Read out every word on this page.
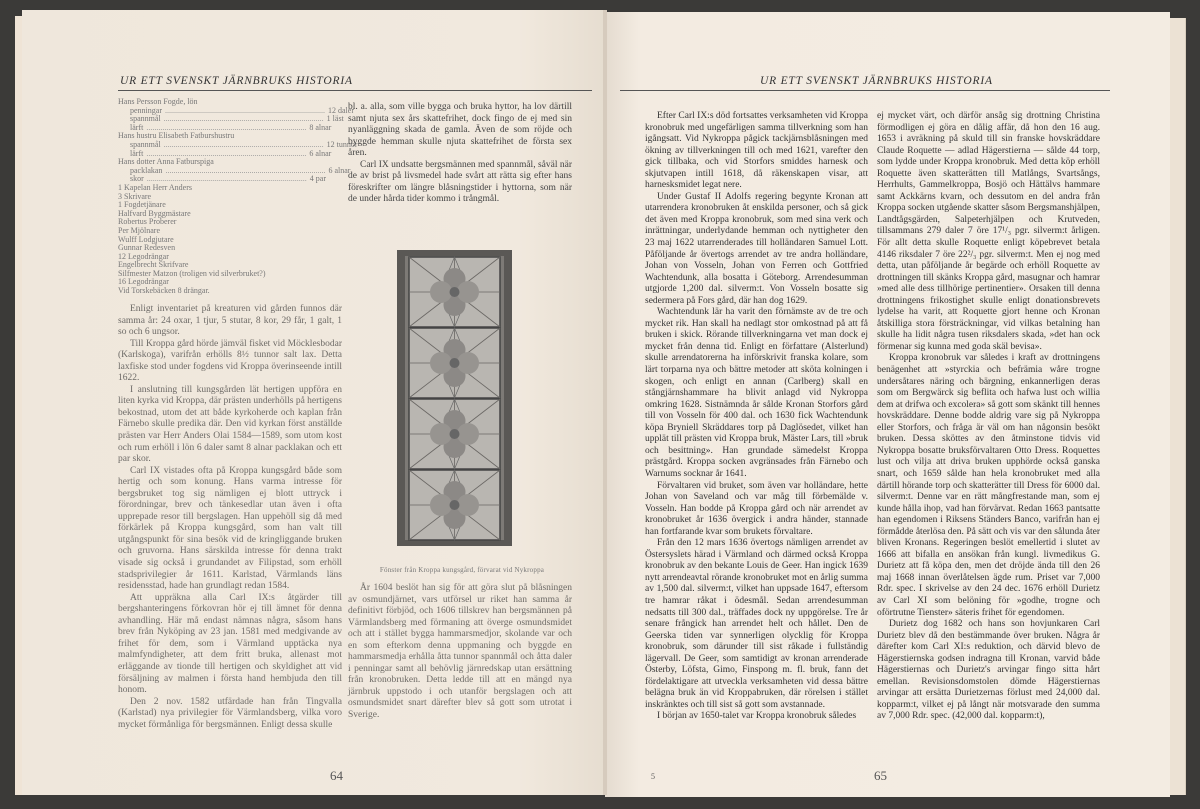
UR ETT SVENSKT JÄRNBRUKS HISTORIA	UR ETT SVENSKT JÄRNBRUKS HISTORIA
Hans Persson Fogde, lön
penningar ................................................................................ 12 daler
spannmål ................................................................................ 1 läst
lärft ................................................................................ 8 alnar
Hans hustru Elisabeth Fatburshustru
spannmål ................................................................................ 12 tunnor
lärft ................................................................................ 6 alnar
Hans dotter Anna Fatburspiga
packlakan ................................................................................ 6 alnar
skor ................................................................................ 4 par
1 Kapelan Herr Anders
3 Skrivare
1 Fogdetjänare
Halfvard Byggmästare
Robertus Proberer
Per Mjölnare
Wulff Lodgjutare
Gunnar Redesven
12 Legodrängar
Engelbrecht Skrifvare
Silfmester Matzon (troligen vid silverbruket?)
16 Legodrängar
Vid Torskebäcken 8 drängar.

Enligt inventariet på kreaturen vid gården funnos där samma år: 24 oxar, 1 tjur, 5 stutar, 8 kor, 29 får, 1 galt, 1 so och 6 ungsor.

Till Kroppa gård hörde jämväl fisket vid Möcklesbodar (Karlskoga), varifrån erhölls 8½ tunnor salt lax. Detta laxfiske stod under fogdens vid Kroppa överinseende intill 1622.

I anslutning till kungsgården lät hertigen uppföra en liten kyrka vid Kroppa, där prästen underhölls på hertigens bekostnad, utom det att både kyrkoherde och kaplan från Färnebo skulle predika där. Den vid kyrkan först anställde prästen var Herr Anders Olai 1584—1589, som utom kost och rum erhöll i lön 6 daler samt 8 alnar packlakan och ett par skor.

Carl IX vistades ofta på Kroppa kungsgård både som hertig och som konung. Hans varma intresse för bergsbruket tog sig nämligen ej blott uttryck i förordningar, brev och tänkesedlar utan även i ofta upprepade resor till bergslagen. Han uppehöll sig då med förkärlek på Kroppa kungsgård, som han valt till utgångspunkt för sina besök vid de kringliggande bruken och gruvorna. Hans särskilda intresse för denna trakt visade sig också i grundandet av Filipstad, som erhöll stadsprivilegier år 1611. Karlstad, Värmlands läns residensstad, hade han grundlagt redan 1584.

Att uppräkna alla Carl IX:s åtgärder till bergshanteringens förkovran hör ej till ämnet för denna avhandling. Här må endast nämnas några, såsom hans brev från Nyköping av 23 jan. 1581 med medgivande av frihet för dem, som i Värmland upptäcka nya malmfyndigheter, att dem fritt bruka, allenast mot erläggande av tionde till hertigen och skyldighet att vid försäljning av malmen i första hand hembjuda den till honom.

Den 2 nov. 1582 utfärdade han från Tingvalla (Karlstad) nya privilegier för Värmlandsberg, vilka voro mycket förmånliga för bergsmännen. Enligt dessa skulle

bl. a. alla, som ville bygga och bruka hyttor, ha lov därtill samt njuta sex års skattefrihet, dock fingo de ej med sin nyanläggning skada de gamla. Även de som röjde och byggde hemman skulle njuta skattefrihet de första sex åren.

Carl IX undsatte bergsmännen med spannmål, såväl när de av brist på livsmedel hade svårt att rätta sig efter hans föreskrifter om längre blåsningstider i hyttorna, som när de under hårda tider kommo i trångmål.

Fönster från Kroppa kungsgård, förvarat vid Nykroppa

År 1604 beslöt han sig för att göra slut på blåsningen av osmundjärnet, vars utförsel ur riket han samma år definitivt förbjöd, och 1606 tillskrev han bergsmännen på Värmlandsberg med förmaning att överge osmundsmidet och att i stället bygga hammarsmedjor, skolande var och en som efterkom denna uppmaning och byggde en hammarsmedja erhålla åtta tunnor spannmål och åtta daler i penningar samt all behövlig järnredskap utan ersättning från kronobruken. Detta ledde till att en mängd nya järnbruk uppstodo i och utanför bergslagen och att osmundsmidet snart därefter blev så gott som utrotat i Sverige.

64

Efter Carl IX:s död fortsattes verksamheten vid Kroppa kronobruk med ungefärligen samma tillverkning som han igångsatt. Vid Nykroppa pågick tackjärnsblåsningen med ökning av tillverkningen till och med 1621, varefter den gick tillbaka, och vid Storfors smiddes harnesk och skjutvapen intill 1618, då räkenskapen visar, att harnesksmidet legat nere.

Under Gustaf II Adolfs regering begynte Kronan att utarrendera kronobruken åt enskilda personer, och så gick det även med Kroppa kronobruk, som med sina verk och inrättningar, underlydande hemman och nyttigheter den 23 maj 1622 utarrenderades till holländaren Samuel Lott. Påföljande år övertogs arrendet av tre andra holländare, Johan von Vosseln, Johan von Ferren och Gottfried Wachtendunk, alla bosatta i Göteborg. Arrendesumman utgjorde 1,200 dal. silverm:t. Von Vosseln bosatte sig sedermera på Fors gård, där han dog 1629.

Wachtendunk lär ha varit den förnämste av de tre och mycket rik. Han skall ha nedlagt stor omkostnad på att få bruken i skick. Rörande tillverkningarna vet man dock ej mycket från denna tid. Enligt en författare (Alsterlund) skulle arrendatorerna ha införskrivit franska kolare, som lärt torparna nya och bättre metoder att sköta kolningen i skogen, och enligt en annan (Carlberg) skall en stångjärnshammare ha blivit anlagd vid Nykroppa omkring 1628. Sistnämnda år sålde Kronan Storfors gård till von Vosseln för 400 dal. och 1630 fick Wachtendunk köpa Bryniell Skräddares torp på Daglösedet, vilket han upplät till prästen vid Kroppa bruk, Mäster Lars, till »bruk och besittning». Han grundade sämedelst Kroppa prästgård. Kroppa socken avgränsades från Färnebo och Warnums socknar år 1641.

Förvaltaren vid bruket, som även var holländare, hette Johan von Saveland och var måg till förbemälde v. Vosseln. Han bodde på Kroppa gård och när arrendet av kronobruket år 1636 övergick i andra händer, stannade han fortfarande kvar som brukets förvaltare.

Från den 12 mars 1636 övertogs nämligen arrendet av Östersyslets härad i Värmland och därmed också Kroppa kronobruk av den bekante Louis de Geer. Han ingick 1639 nytt arrendeavtal rörande kronobruket mot en årlig summa av 1,500 dal. silverm:t, vilket han uppsade 1647, eftersom tre hamrar råkat i ödesmål. Sedan arrendesumman nedsatts till 300 dal., träffades dock ny uppgörelse. Tre år senare frångick han arrendet helt och hållet. Den de Geerska tiden var synnerligen olycklig för Kroppa kronobruk, som därunder till sist råkade i fullständig lägervall. De Geer, som samtidigt av kronan arrenderade Österby, Löfsta, Gimo, Finspong m. fl. bruk, fann det fördelaktigare att utveckla verksamheten vid dessa bättre belägna bruk än vid Kroppabruken, där rörelsen i stället inskränktes och till sist så gott som avstannade.

I början av 1650-talet var Kroppa kronobruk således

ej mycket värt, och därför ansåg sig drottning Christina förmodligen ej göra en dålig affär, då hon den 16 aug. 1653 i avräkning på skuld till sin franske hovskräddare Claude Roquette — adlad Hägerstierna — sålde 44 torp, som lydde under Kroppa kronobruk. Med detta köp erhöll Roquette även skatterätten till Matlångs, Svartsångs, Herrhults, Gammelkroppa, Bosjö och Hättälvs hammare samt Ackkärns kvarn, och dessutom en del andra från Kroppa socken utgående skatter såsom Bergsmanshjälpen, Landtågsgärden, Salpeterhjälpen och Krutveden, tillsammans 279 daler 7 öre 17¹/₃ pgr. silverm:t årligen. För allt detta skulle Roquette enligt köpebrevet betala 4146 riksdaler 7 öre 22²/₃ pgr. silverm:t. Men ej nog med detta, utan påföljande år begärde och erhöll Roquette av drottningen till skänks Kroppa gård, masugnar och hamrar »med alle dess tillhörige pertinentier». Orsaken till denna drottningens frikostighet skulle enligt donationsbrevets lydelse ha varit, att Roquette gjort henne och Kronan åtskilliga stora försträckningar, vid vilkas betalning han skulle ha lidit några tusen riksdalers skada, »det han ock förmenar sig kunna med goda skäl bevisa».

Kroppa kronobruk var således i kraft av drottningens benägenhet att »styrckia och befrämia wåre trogne undersåtares näring och bärgning, enkannerligen deras som om Bergwärck sig beflita och hafwa lust och willia dem at drifwa och excolera» så gott som skänkt till hennes hovskräddare. Denne bodde aldrig vare sig på Nykroppa eller Storfors, och fråga är väl om han någonsin besökt bruken. Dessa sköttes av den åtminstone tidvis vid Nykroppa bosatte bruksförvaltaren Otto Dress. Roquettes lust och vilja att driva bruken upphörde också ganska snart, och 1659 sålde han hela kronobruket med alla därtill hörande torp och skatterätter till Dress för 6000 dal. silverm:t. Denne var en rätt mångfrestande man, som ej kunde hålla ihop, vad han förvärvat. Redan 1663 pantsatte han egendomen i Riksens Ständers Banco, varifrån han ej förmådde återlösa den. På sätt och vis var den sålunda åter bliven Kronans. Regeringen beslöt emellertid i slutet av 1666 att bifalla en ansökan från kungl. livmedikus G. Durietz att få köpa den, men det dröjde ända till den 26 maj 1668 innan överlåtelsen ägde rum. Priset var 7,000 Rdr. spec. I skrivelse av den 24 dec. 1676 erhöll Durietz av Carl XI som belöning för »godhe, trogne och oförtrutne Tienster» säteris frihet för egendomen.

Durietz dog 1682 och hans son hovjunkaren Carl Durietz blev då den bestämmande över bruken. Några år därefter kom Carl XI:s reduktion, och därvid blevo de Hägerstiernska godsen indragna till Kronan, varvid både Hägerstiernas och Durietz's arvingar fingo sitta hårt emellan. Revisionsdomstolen dömde Hägerstiernas arvingar att ersätta Durietzernas förlust med 24,000 dal. kopparm:t, vilket ej på långt när motsvarade den summa av 7,000 Rdr. spec. (42,000 dal. kopparm:t),

65
5
